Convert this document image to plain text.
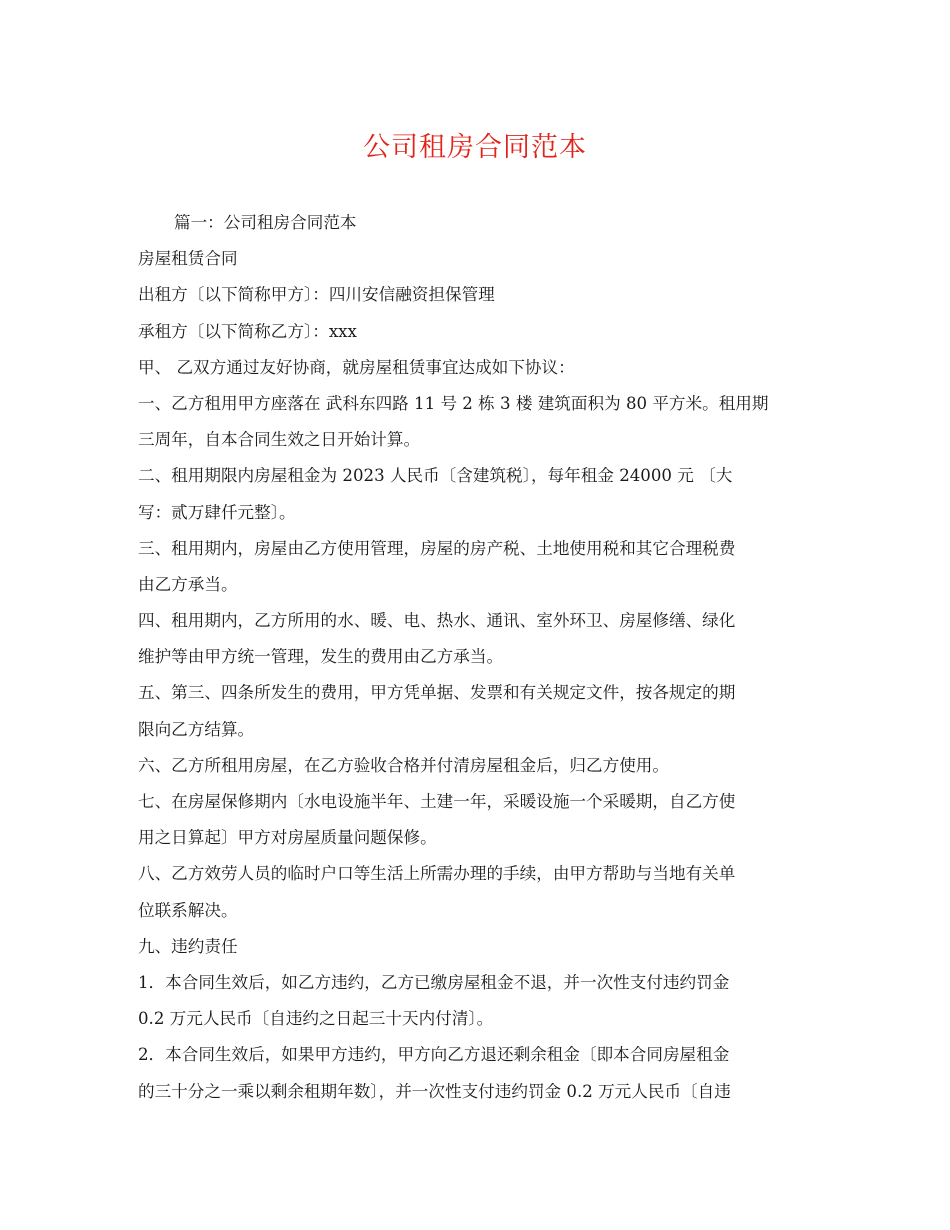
公司租房合同范本
篇一：公司租房合同范本
房屋租赁合同
出租方〔以下简称甲方〕：四川安信融资担保管理
承租方〔以下简称乙方〕：xxx
甲、 乙双方通过友好协商，就房屋租赁事宜达成如下协议：
一、乙方租用甲方座落在 武科东四路 11 号 2 栋 3 楼 建筑面积为 80 平方米。租用期
三周年，自本合同生效之日开始计算。
二、租用期限内房屋租金为 2023 人民币〔含建筑税〕，每年租金 24000 元 〔大
写：贰万肆仟元整〕。
三、租用期内，房屋由乙方使用管理，房屋的房产税、土地使用税和其它合理税费
由乙方承当。
四、租用期内，乙方所用的水、暖、电、热水、通讯、室外环卫、房屋修缮、绿化
维护等由甲方统一管理，发生的费用由乙方承当。
五、第三、四条所发生的费用，甲方凭单据、发票和有关规定文件，按各规定的期
限向乙方结算。
六、乙方所租用房屋，在乙方验收合格并付清房屋租金后，归乙方使用。
七、在房屋保修期内〔水电设施半年、土建一年，采暖设施一个采暖期，自乙方使
用之日算起〕甲方对房屋质量问题保修。
八、乙方效劳人员的临时户口等生活上所需办理的手续，由甲方帮助与当地有关单
位联系解决。
九、违约责任
1．本合同生效后，如乙方违约，乙方已缴房屋租金不退，并一次性支付违约罚金
0.2 万元人民币〔自违约之日起三十天内付清〕。
2．本合同生效后，如果甲方违约，甲方向乙方退还剩余租金〔即本合同房屋租金
的三十分之一乘以剩余租期年数〕，并一次性支付违约罚金 0.2 万元人民币〔自违
